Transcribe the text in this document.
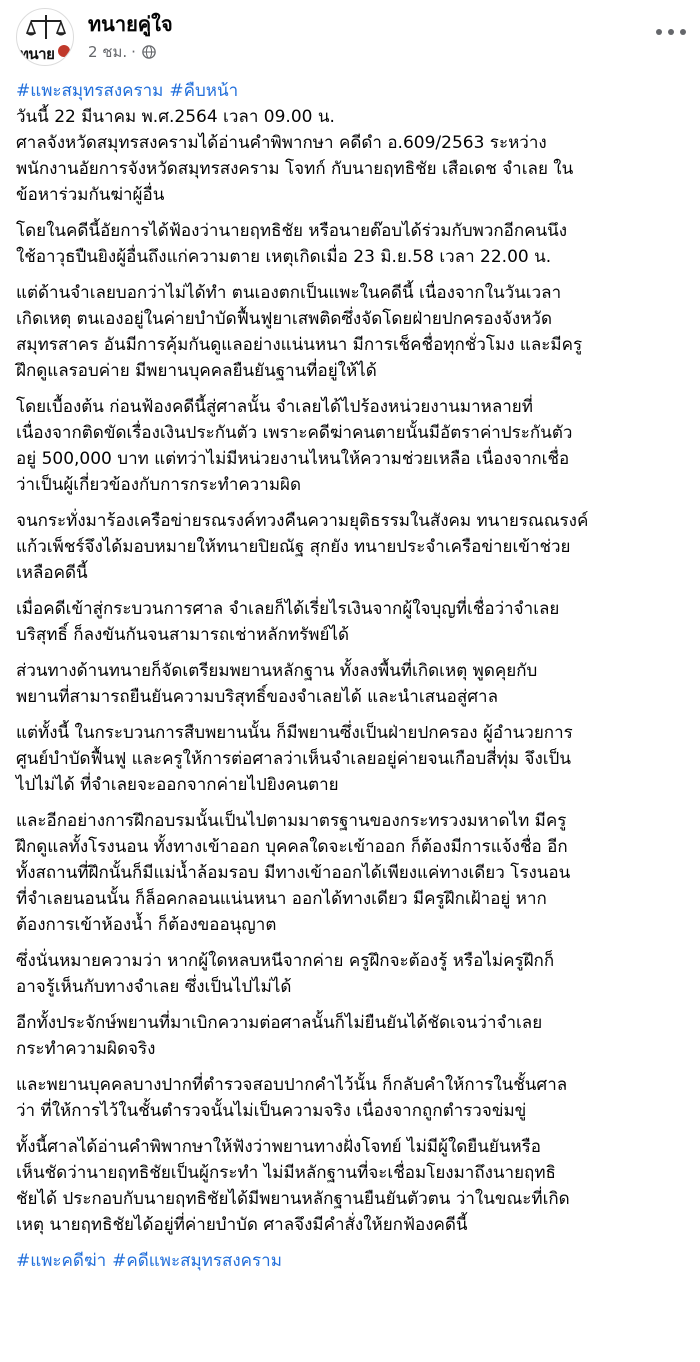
ทนาย
ทนายคู่ใจ
2 ชม. ·
#แพะสมุทรสงคราม #คืบหน้า

วันนี้ 22 มีนาคม พ.ศ.2564 เวลา 09.00 น.
ศาลจังหวัดสมุทรสงครามได้อ่านคำพิพากษา คดีดำ อ.609/2563 ระหว่าง
พนักงานอัยการจังหวัดสมุทรสงคราม โจทก์ กับนายฤทธิชัย เสือเดช จำเลย ใน
ข้อหาร่วมกันฆ่าผู้อื่น

โดยในคดีนี้อัยการได้ฟ้องว่านายฤทธิชัย หรือนายต๊อบได้ร่วมกับพวกอีกคนนึง
ใช้อาวุธปืนยิงผู้อื่นถึงแก่ความตาย เหตุเกิดเมื่อ 23 มิ.ย.58 เวลา 22.00 น.

แต่ด้านจำเลยบอกว่าไม่ได้ทำ ตนเองตกเป็นแพะในคดีนี้ เนื่องจากในวันเวลา
เกิดเหตุ ตนเองอยู่ในค่ายบำบัดฟื้นฟูยาเสพติดซึ่งจัดโดยฝ่ายปกครองจังหวัด
สมุทรสาคร อันมีการคุ้มกันดูแลอย่างแน่นหนา มีการเช็คชื่อทุกชั่วโมง และมีครู
ฝึกดูแลรอบค่าย มีพยานบุคคลยืนยันฐานที่อยู่ให้ได้

โดยเบื้องต้น ก่อนฟ้องคดีนี้สู่ศาลนั้น จำเลยได้ไปร้องหน่วยงานมาหลายที่
เนื่องจากติดขัดเรื่องเงินประกันตัว เพราะคดีฆ่าคนตายนั้นมีอัตราค่าประกันตัว
อยู่ 500,000 บาท แต่ทว่าไม่มีหน่วยงานไหนให้ความช่วยเหลือ เนื่องจากเชื่อ
ว่าเป็นผู้เกี่ยวข้องกับการกระทำความผิด

จนกระทั่งมาร้องเครือข่ายรณรงค์ทวงคืนความยุติธรรมในสังคม ทนายรณณรงค์
แก้วเพ็ชร์จึงได้มอบหมายให้ทนายปิยณัฐ สุกยัง ทนายประจำเครือข่ายเข้าช่วย
เหลือคดีนี้

เมื่อคดีเข้าสู่กระบวนการศาล จำเลยก็ได้เรี่ยไรเงินจากผู้ใจบุญที่เชื่อว่าจำเลย
บริสุทธิ์ ก็ลงขันกันจนสามารถเช่าหลักทรัพย์ได้

ส่วนทางด้านทนายก็จัดเตรียมพยานหลักฐาน ทั้งลงพื้นที่เกิดเหตุ พูดคุยกับ
พยานที่สามารถยืนยันความบริสุทธิ์ของจำเลยได้ และนำเสนอสู่ศาล

แต่ทั้งนี้ ในกระบวนการสืบพยานนั้น ก็มีพยานซึ่งเป็นฝ่ายปกครอง ผู้อำนวยการ
ศูนย์บำบัดฟื้นฟู และครูให้การต่อศาลว่าเห็นจำเลยอยู่ค่ายจนเกือบสี่ทุ่ม จึงเป็น
ไปไม่ได้ ที่จำเลยจะออกจากค่ายไปยิงคนตาย

และอีกอย่างการฝึกอบรมนั้นเป็นไปตามมาตรฐานของกระทรวงมหาดไท มีครู
ฝึกดูแลทั้งโรงนอน ทั้งทางเข้าออก บุคคลใดจะเข้าออก ก็ต้องมีการแจ้งชื่อ อีก
ทั้งสถานที่ฝึกนั้นก็มีแม่น้ำล้อมรอบ มีทางเข้าออกได้เพียงแค่ทางเดียว โรงนอน
ที่จำเลยนอนนั้น ก็ล็อคกลอนแน่นหนา ออกได้ทางเดียว มีครูฝึกเฝ้าอยู่ หาก
ต้องการเข้าห้องน้ำ ก็ต้องขออนุญาต

ซึ่งนั่นหมายความว่า หากผู้ใดหลบหนีจากค่าย ครูฝึกจะต้องรู้ หรือไม่ครูฝึกก็
อาจรู้เห็นกับทางจำเลย ซึ่งเป็นไปไม่ได้

อีกทั้งประจักษ์พยานที่มาเบิกความต่อศาลนั้นก็ไม่ยืนยันได้ชัดเจนว่าจำเลย
กระทำความผิดจริง

และพยานบุคคลบางปากที่ตำรวจสอบปากคำไว้นั้น ก็กลับคำให้การในชั้นศาล
ว่า ที่ให้การไว้ในชั้นตำรวจนั้นไม่เป็นความจริง เนื่องจากถูกตำรวจข่มขู่

ทั้งนี้ศาลได้อ่านคำพิพากษาให้ฟังว่าพยานทางฝั่งโจทย์ ไม่มีผู้ใดยืนยันหรือ
เห็นชัดว่านายฤทธิชัยเป็นผู้กระทำ ไม่มีหลักฐานที่จะเชื่อมโยงมาถึงนายฤทธิ
ชัยได้ ประกอบกับนายฤทธิชัยได้มีพยานหลักฐานยืนยันตัวตน ว่าในขณะที่เกิด
เหตุ นายฤทธิชัยได้อยู่ที่ค่ายบำบัด ศาลจึงมีคำสั่งให้ยกฟ้องคดีนี้

#แพะคดีฆ่า #คดีแพะสมุทรสงคราม
